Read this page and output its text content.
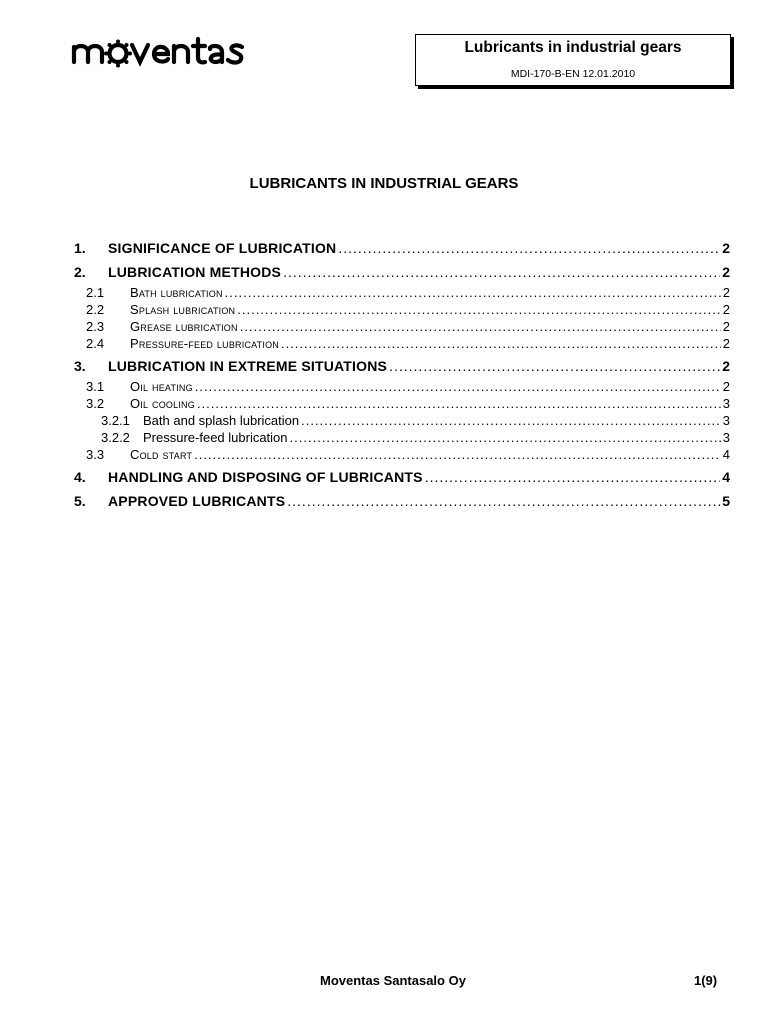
Lubricants in industrial gears
MDI-170-B-EN 12.01.2010
LUBRICANTS IN INDUSTRIAL GEARS
1.	SIGNIFICANCE OF LUBRICATION .....	2
2.	LUBRICATION METHODS .....	2
2.1	Bath lubrication .....	2
2.2	Splash lubrication .....	2
2.3	Grease lubrication .....	2
2.4	Pressure-feed lubrication .....	2
3.	LUBRICATION IN EXTREME SITUATIONS .....	2
3.1	Oil heating .....	2
3.2	Oil cooling .....	3
3.2.1	Bath and splash lubrication .....	3
3.2.2	Pressure-feed lubrication .....	3
3.3	Cold start .....	4
4.	HANDLING AND DISPOSING OF LUBRICANTS .....	4
5.	APPROVED LUBRICANTS .....	5
Moventas Santasalo Oy	1(9)
